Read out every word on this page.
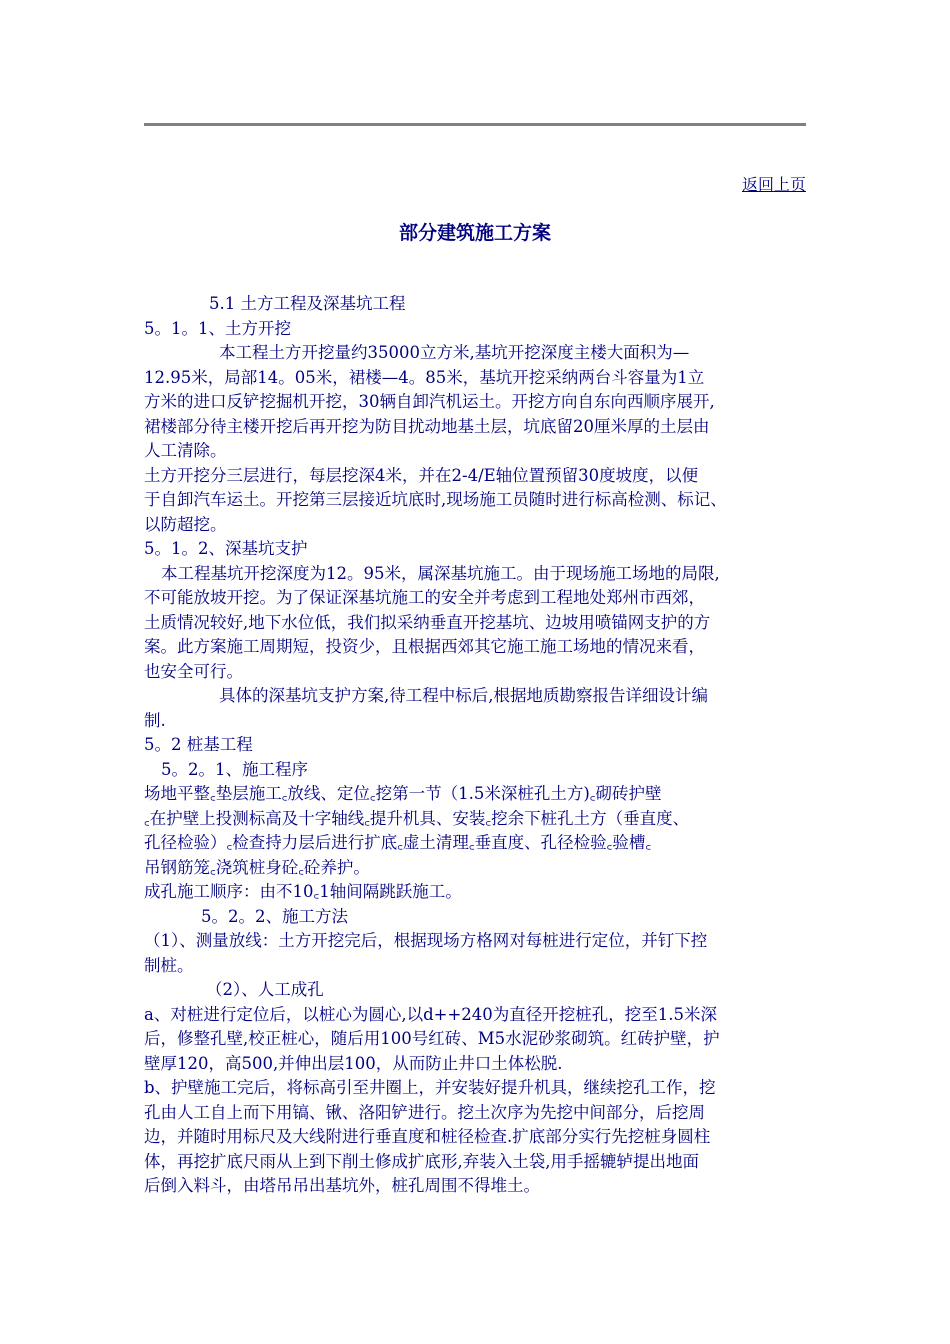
返回上页
部分建筑施工方案
5.1 土方工程及深基坑工程
5。1。1、土方开挖
本工程土方开挖量约35000立方米,基坑开挖深度主楼大面积为—
12.95米，局部14。05米，裙楼—4。85米，基坑开挖采纳两台斗容量为1立
方米的进口反铲挖掘机开挖，30辆自卸汽机运土。开挖方向自东向西顺序展开,
裙楼部分待主楼开挖后再开挖为防目扰动地基土层，坑底留20厘米厚的土层由
人工清除。
土方开挖分三层进行，每层挖深4米，并在2-4/E轴位置预留30度坡度，以便
于自卸汽车运土。开挖第三层接近坑底时,现场施工员随时进行标高检测、标记、
以防超挖。
5。1。2、深基坑支护
本工程基坑开挖深度为12。95米，属深基坑施工。由于现场施工场地的局限,
不可能放坡开挖。为了保证深基坑施工的安全并考虑到工程地处郑州市西郊，
土质情况较好,地下水位低，我们拟采纳垂直开挖基坑、边坡用喷锚网支护的方
案。此方案施工周期短，投资少，且根据西郊其它施工施工场地的情况来看，
也安全可行。
具体的深基坑支护方案,待工程中标后,根据地质勘察报告详细设计编
制.
5。2 桩基工程
5。2。1、施工程序
场地平整꜀垫层施工꜀放线、定位꜀挖第一节（1.5米深桩孔土方)꜀砌砖护壁
꜀在护壁上投测标高及十字轴线꜀提升机具、安装꜀挖余下桩孔土方（垂直度、
孔径检验）꜀检查持力层后进行扩底꜀虚土清理꜀垂直度、孔径检验꜀验槽꜀
吊钢筋笼꜀浇筑桩身砼꜀砼养护。
成孔施工顺序：由不10꜀1轴间隔跳跃施工。
5。2。2、施工方法
（1）、测量放线：土方开挖完后，根据现场方格网对每桩进行定位，并钉下控
制桩。
（2）、人工成孔
a、对桩进行定位后，以桩心为圆心,以d++240为直径开挖桩孔，挖至1.5米深
后，修整孔壁,校正桩心，随后用100号红砖、M5水泥砂浆砌筑。红砖护壁，护
壁厚120，高500,并伸出层100，从而防止井口土体松脱.
b、护壁施工完后，将标高引至井圈上，并安装好提升机具，继续挖孔工作，挖
孔由人工自上而下用镐、锹、洛阳铲进行。挖土次序为先挖中间部分，后挖周
边，并随时用标尺及大线附进行垂直度和桩径检查.扩底部分实行先挖桩身圆柱
体，再挖扩底尺雨从上到下削土修成扩底形,弃装入土袋,用手摇辘轳提出地面
后倒入料斗，由塔吊吊出基坑外，桩孔周围不得堆土。
